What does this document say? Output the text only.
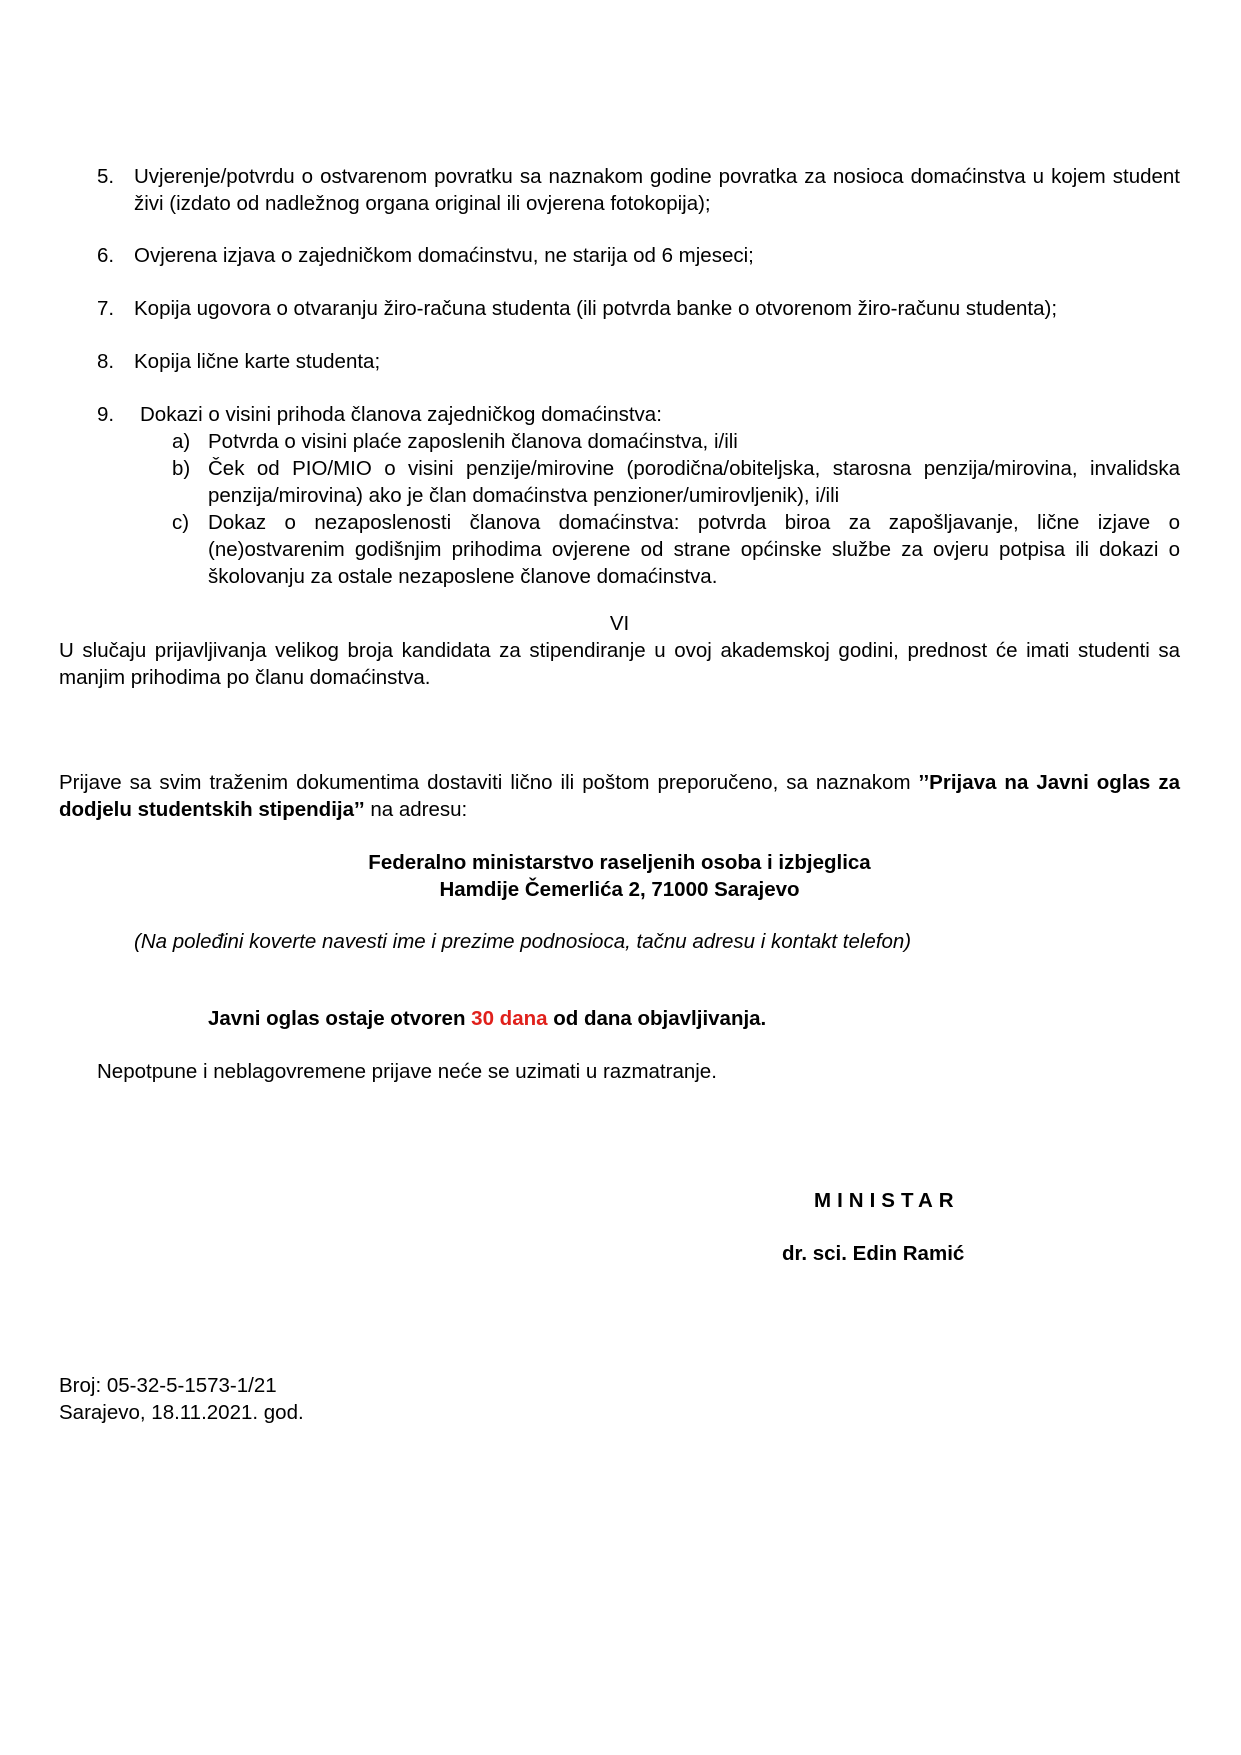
5. Uvjerenje/potvrdu o ostvarenom povratku sa naznakom godine povratka za nosioca domaćinstva u kojem student živi (izdato od nadležnog organa original ili ovjerena fotokopija);
6. Ovjerena izjava o zajedničkom domaćinstvu, ne starija od 6 mjeseci;
7. Kopija ugovora o otvaranju žiro-računa studenta (ili potvrda banke o otvorenom žiro-računu studenta);
8. Kopija lične karte studenta;
9. Dokazi o visini prihoda članova zajedničkog domaćinstva:
a) Potvrda o visini plaće zaposlenih članova domaćinstva, i/ili
b) Ček od PIO/MIO o visini penzije/mirovine (porodična/obiteljska, starosna penzija/mirovina, invalidska penzija/mirovina) ako je član domaćinstva penzioner/umirovljenik), i/ili
c) Dokaz o nezaposlenosti članova domaćinstva: potvrda biroa za zapošljavanje, lične izjave o (ne)ostvarenim godišnjim prihodima ovjerene od strane općinske službe za ovjeru potpisa ili dokazi o školovanju za ostale nezaposlene članove domaćinstva.
VI
U slučaju prijavljivanja velikog broja kandidata za stipendiranje u ovoj akademskoj godini, prednost će imati studenti sa manjim prihodima po članu domaćinstva.
Prijave sa svim traženim dokumentima dostaviti lično ili poštom preporučeno, sa naznakom ’’Prijava na Javni oglas za dodjelu studentskih stipendija’’ na adresu:
Federalno ministarstvo raseljenih osoba i izbjeglica
Hamdije Čemerlića 2, 71000 Sarajevo
(Na poleđini koverte navesti ime i prezime podnosioca, tačnu adresu i kontakt telefon)
Javni oglas ostaje otvoren 30 dana od dana objavljivanja.
Nepotpune i neblagovremene prijave neće se uzimati u razmatranje.
MINISTAR
dr. sci. Edin Ramić
Broj: 05-32-5-1573-1/21
Sarajevo, 18.11.2021. god.
